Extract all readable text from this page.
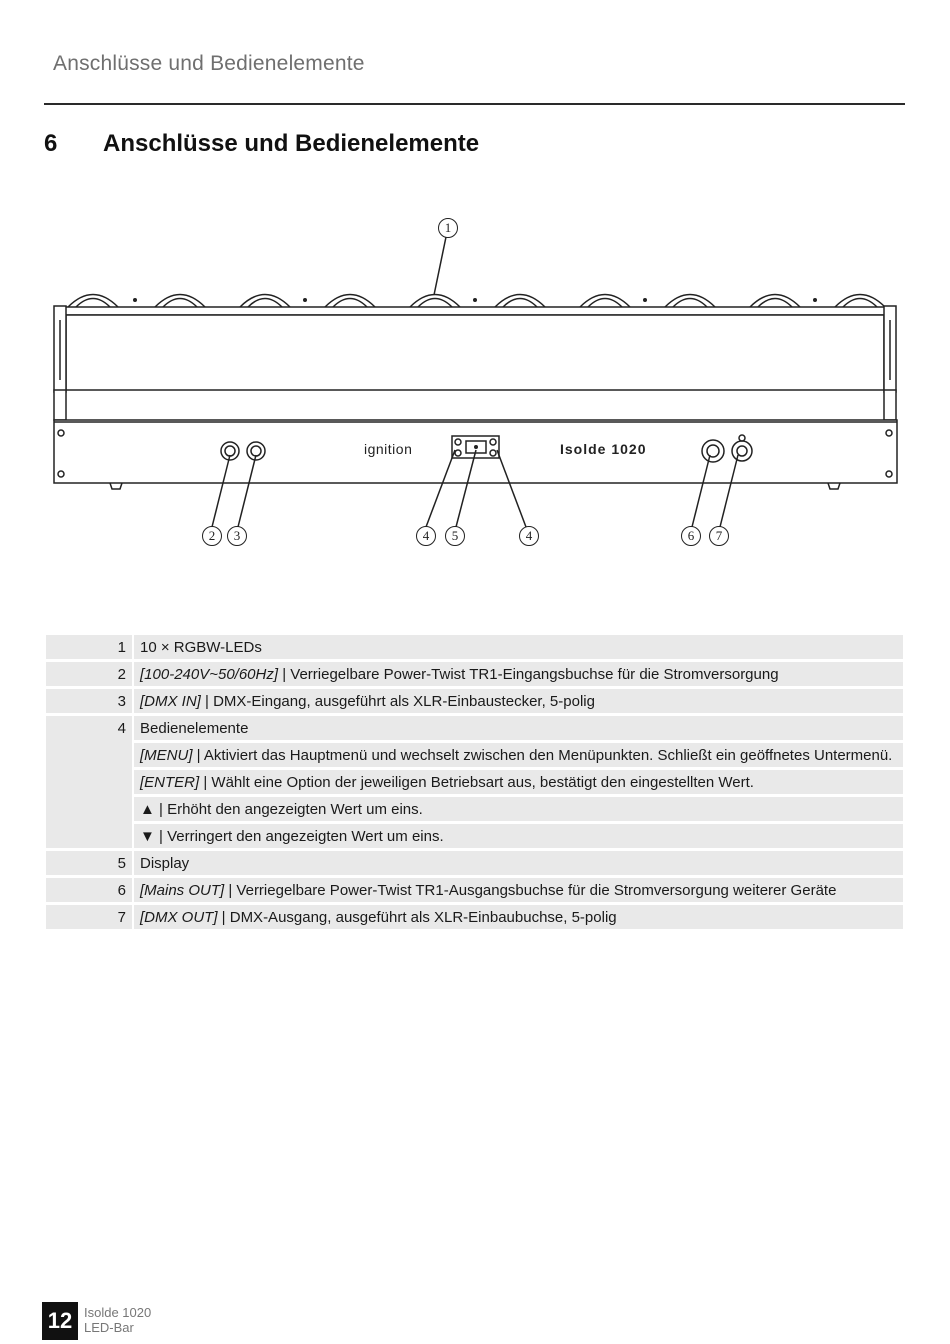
Anschlüsse und Bedienelemente
6 Anschlüsse und Bedienelemente
ignition	Isolde 1020
1
2	3	4	5	4	6	7
1	10 × RGBW-LEDs
2	[100-240V~50/60Hz] | Verriegelbare Power-Twist TR1-Eingangsbuchse für die Stromversorgung
3	[DMX IN] | DMX-Eingang, ausgeführt als XLR-Einbaustecker, 5-polig
4	Bedienelemente
	[MENU] | Aktiviert das Hauptmenü und wechselt zwischen den Menüpunkten. Schließt ein geöffnetes Untermenü.
	[ENTER] | Wählt eine Option der jeweiligen Betriebsart aus, bestätigt den eingestellten Wert.
	▲ | Erhöht den angezeigten Wert um eins.
	▼ | Verringert den angezeigten Wert um eins.
5	Display
6	[Mains OUT] | Verriegelbare Power-Twist TR1-Ausgangsbuchse für die Stromversorgung weiterer Geräte
7	[DMX OUT] | DMX-Ausgang, ausgeführt als XLR-Einbaubuchse, 5-polig
12 Isolde 1020
LED-Bar
